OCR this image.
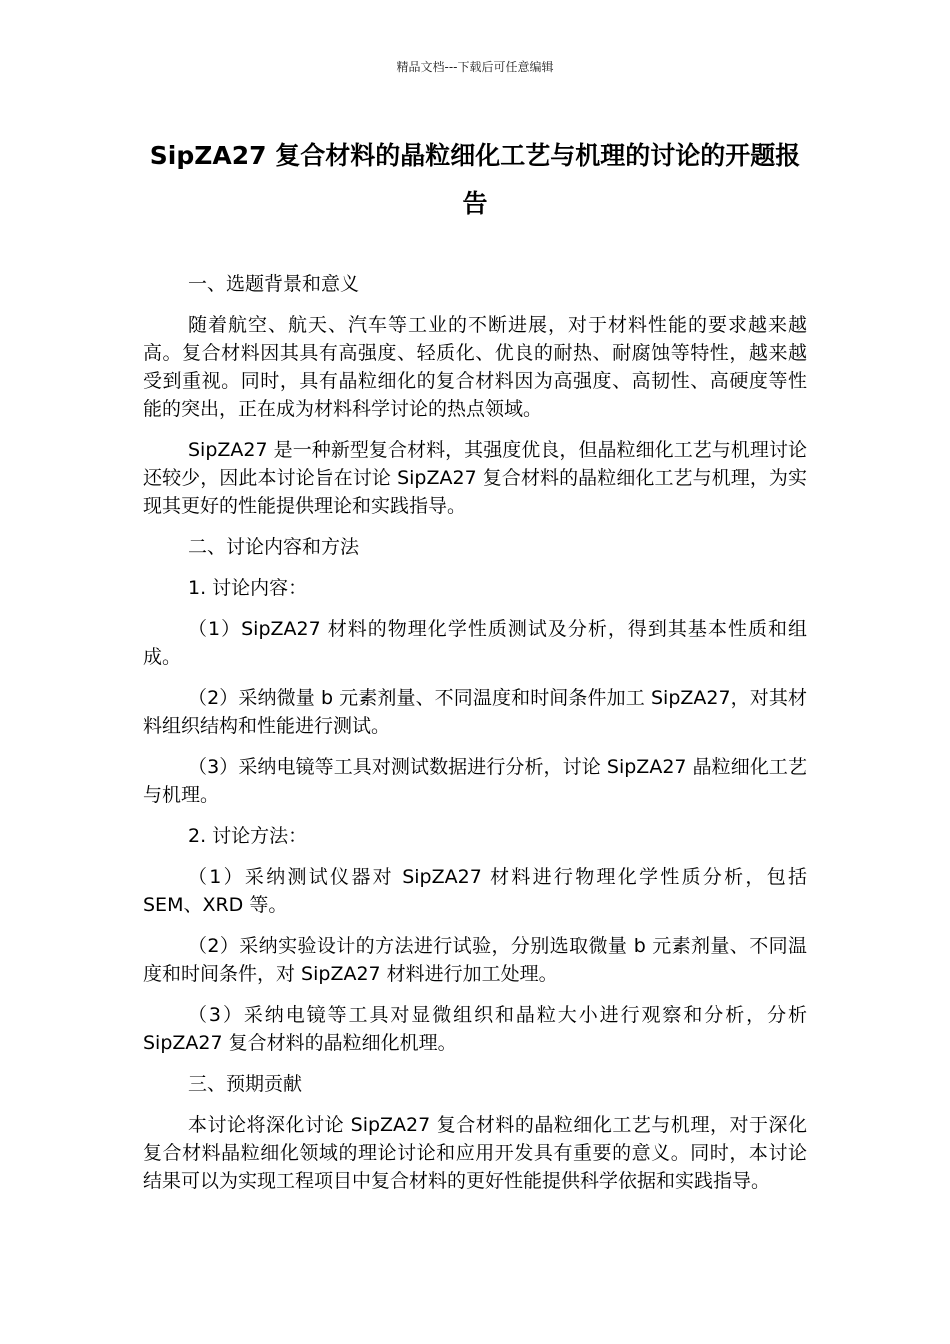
精品文档---下载后可任意编辑
SipZA27 复合材料的晶粒细化工艺与机理的讨论的开题报告

一、选题背景和意义

随着航空、航天、汽车等工业的不断进展，对于材料性能的要求越来越高。复合材料因其具有高强度、轻质化、优良的耐热、耐腐蚀等特性，越来越受到重视。同时，具有晶粒细化的复合材料因为高强度、高韧性、高硬度等性能的突出，正在成为材料科学讨论的热点领域。

SipZA27 是一种新型复合材料，其强度优良，但晶粒细化工艺与机理讨论还较少，因此本讨论旨在讨论 SipZA27 复合材料的晶粒细化工艺与机理，为实现其更好的性能提供理论和实践指导。

二、讨论内容和方法

1. 讨论内容：

（1）SipZA27 材料的物理化学性质测试及分析，得到其基本性质和组成。

（2）采纳微量 b 元素剂量、不同温度和时间条件加工 SipZA27，对其材料组织结构和性能进行测试。

（3）采纳电镜等工具对测试数据进行分析，讨论 SipZA27 晶粒细化工艺与机理。

2. 讨论方法：

（1）采纳测试仪器对 SipZA27 材料进行物理化学性质分析，包括 SEM、XRD 等。

（2）采纳实验设计的方法进行试验，分别选取微量 b 元素剂量、不同温度和时间条件，对 SipZA27 材料进行加工处理。

（3）采纳电镜等工具对显微组织和晶粒大小进行观察和分析，分析 SipZA27 复合材料的晶粒细化机理。

三、预期贡献

本讨论将深化讨论 SipZA27 复合材料的晶粒细化工艺与机理，对于深化复合材料晶粒细化领域的理论讨论和应用开发具有重要的意义。同时，本讨论结果可以为实现工程项目中复合材料的更好性能提供科学依据和实践指导。
